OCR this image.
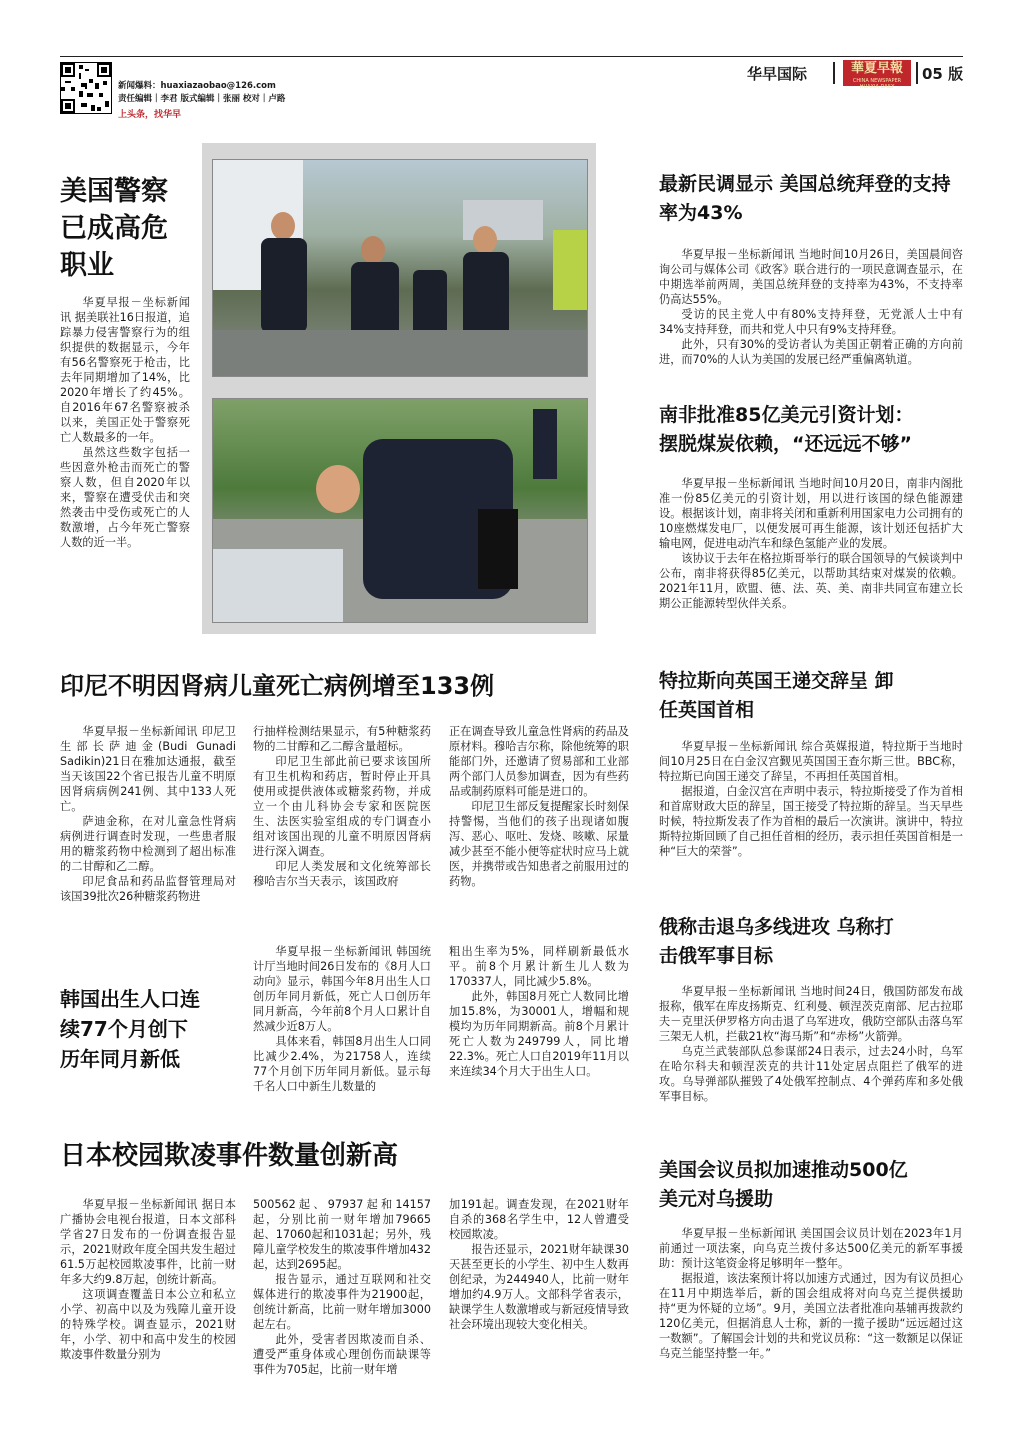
新闻爆料：huaxiazaobao@126.com
责任编辑｜李君 版式编辑｜张丽 校对｜卢路
上头条，找华早
华早国际	華夏早報
CHINA NEWSPAPER HUAXIA DAILY
05 版
美国警察已成高危职业

华夏早报－坐标新闻讯 据美联社16日报道，追踪暴力侵害警察行为的组织提供的数据显示，今年有56名警察死于枪击，比去年同期增加了14%，比2020年增长了约45%。自2016年67名警察被杀以来，美国正处于警察死亡人数最多的一年。

虽然这些数字包括一些因意外枪击而死亡的警察人数，但自2020年以来，警察在遭受伏击和突然袭击中受伤或死亡的人数激增，占今年死亡警察人数的近一半。

最新民调显示 美国总统拜登的支持率为43%

华夏早报－坐标新闻讯 当地时间10月26日，美国晨间咨询公司与媒体公司《政客》联合进行的一项民意调查显示，在中期选举前两周，美国总统拜登的支持率为43%，不支持率仍高达55%。

受访的民主党人中有80%支持拜登，无党派人士中有34%支持拜登，而共和党人中只有9%支持拜登。

此外，只有30%的受访者认为美国正朝着正确的方向前进，而70%的人认为美国的发展已经严重偏离轨道。

南非批准85亿美元引资计划：
摆脱煤炭依赖，“还远远不够”

华夏早报－坐标新闻讯 当地时间10月20日，南非内阁批准一份85亿美元的引资计划，用以进行该国的绿色能源建设。根据该计划，南非将关闭和重新利用国家电力公司拥有的10座燃煤发电厂，以便发展可再生能源，该计划还包括扩大输电网，促进电动汽车和绿色氢能产业的发展。

该协议于去年在格拉斯哥举行的联合国领导的气候谈判中公布，南非将获得85亿美元，以帮助其结束对煤炭的依赖。2021年11月，欧盟、德、法、英、美、南非共同宣布建立长期公正能源转型伙伴关系。

印尼不明因肾病儿童死亡病例增至133例

华夏早报－坐标新闻讯 印尼卫生部长萨迪金(Budi Gunadi Sadikin)21日在雅加达通报，截至当天该国22个省已报告儿童不明原因肾病病例241例、其中133人死亡。

萨迪金称，在对儿童急性肾病病例进行调查时发现，一些患者服用的糖浆药物中检测到了超出标准的二甘醇和乙二醇。

印尼食品和药品监督管理局对该国39批次26种糖浆药物进

行抽样检测结果显示，有5种糖浆药物的二甘醇和乙二醇含量超标。

印尼卫生部此前已要求该国所有卫生机构和药店，暂时停止开具使用或提供液体或糖浆药物，并成立一个由儿科协会专家和医院医生、法医实验室组成的专门调查小组对该国出现的儿童不明原因肾病进行深入调查。

印尼人类发展和文化统筹部长穆哈吉尔当天表示，该国政府

正在调查导致儿童急性肾病的药品及原材料。穆哈吉尔称，除他统筹的职能部门外，还邀请了贸易部和工业部两个部门人员参加调查，因为有些药品或制药原料可能是进口的。

印尼卫生部反复提醒家长时刻保持警惕，当他们的孩子出现诸如腹泻、恶心、呕吐、发烧、咳嗽、尿量减少甚至不能小便等症状时应马上就医，并携带或告知患者之前服用过的药物。

特拉斯向英国王递交辞呈 卸
任英国首相

华夏早报－坐标新闻讯 综合英媒报道，特拉斯于当地时间10月25日在白金汉宫觐见英国国王查尔斯三世。BBC称，特拉斯已向国王递交了辞呈，不再担任英国首相。

据报道，白金汉宫在声明中表示，特拉斯接受了作为首相和首席财政大臣的辞呈，国王接受了特拉斯的辞呈。当天早些时候，特拉斯发表了作为首相的最后一次演讲。演讲中，特拉斯特拉斯回顾了自己担任首相的经历，表示担任英国首相是一种“巨大的荣誉”。

韩国出生人口连
续77个月创下
历年同月新低

华夏早报－坐标新闻讯 韩国统计厅当地时间26日发布的《8月人口动向》显示，韩国今年8月出生人口创历年同月新低，死亡人口创历年同月新高，今年前8个月人口累计自然减少近8万人。

具体来看，韩国8月出生人口同比减少2.4%，为21758人，连续77个月创下历年同月新低。显示每千名人口中新生儿数量的

粗出生率为5%，同样刷新最低水平。前8个月累计新生儿人数为170337人，同比减少5.8%。

此外，韩国8月死亡人数同比增加15.8%，为30001人，增幅和规模均为历年同期新高。前8个月累计死亡人数为249799人，同比增22.3%。死亡人口自2019年11月以来连续34个月大于出生人口。

俄称击退乌多线进攻 乌称打
击俄军事目标

华夏早报－坐标新闻讯 当地时间24日，俄国防部发布战报称，俄军在库皮扬斯克、红利曼、顿涅茨克南部、尼古拉耶夫－克里沃伊罗格方向击退了乌军进攻，俄防空部队击落乌军三架无人机，拦截21枚“海马斯”和“赤杨”火箭弹。

乌克兰武装部队总参谋部24日表示，过去24小时，乌军在哈尔科夫和顿涅茨克的共计11处定居点阻拦了俄军的进攻。乌导弹部队摧毁了4处俄军控制点、4个弹药库和多处俄军事目标。

日本校园欺凌事件数量创新高

华夏早报－坐标新闻讯 据日本广播协会电视台报道，日本文部科学省27日发布的一份调查报告显示，2021财政年度全国共发生超过61.5万起校园欺凌事件，比前一财年多大约9.8万起，创统计新高。

这项调查覆盖日本公立和私立小学、初高中以及为残障儿童开设的特殊学校。调查显示，2021财年，小学、初中和高中发生的校园欺凌事件数量分别为

500562起、97937起和14157起，分别比前一财年增加79665起、17060起和1031起；另外，残障儿童学校发生的欺凌事件增加432起，达到2695起。

报告显示，通过互联网和社交媒体进行的欺凌事件为21900起，创统计新高，比前一财年增加3000起左右。

此外，受害者因欺凌而自杀、遭受严重身体或心理创伤而缺课等事件为705起，比前一财年增

加191起。调查发现，在2021财年自杀的368名学生中，12人曾遭受校园欺凌。

报告还显示，2021财年缺课30天甚至更长的小学生、初中生人数再创纪录，为244940人，比前一财年增加约4.9万人。文部科学省表示，缺课学生人数激增或与新冠疫情导致社会环境出现较大变化相关。

美国会议员拟加速推动500亿
美元对乌援助

华夏早报－坐标新闻讯 美国国会议员计划在2023年1月前通过一项法案，向乌克兰拨付多达500亿美元的新军事援助：预计这笔资金将足够明年一整年。

据报道，该法案预计将以加速方式通过，因为有议员担心在11月中期选举后，新的国会组成将对向乌克兰提供援助持“更为怀疑的立场”。9月，美国立法者批准向基辅再拨款约120亿美元，但据消息人士称，新的一揽子援助“远远超过这一数额”。了解国会计划的共和党议员称：“这一数额足以保证乌克兰能坚持整一年。”
